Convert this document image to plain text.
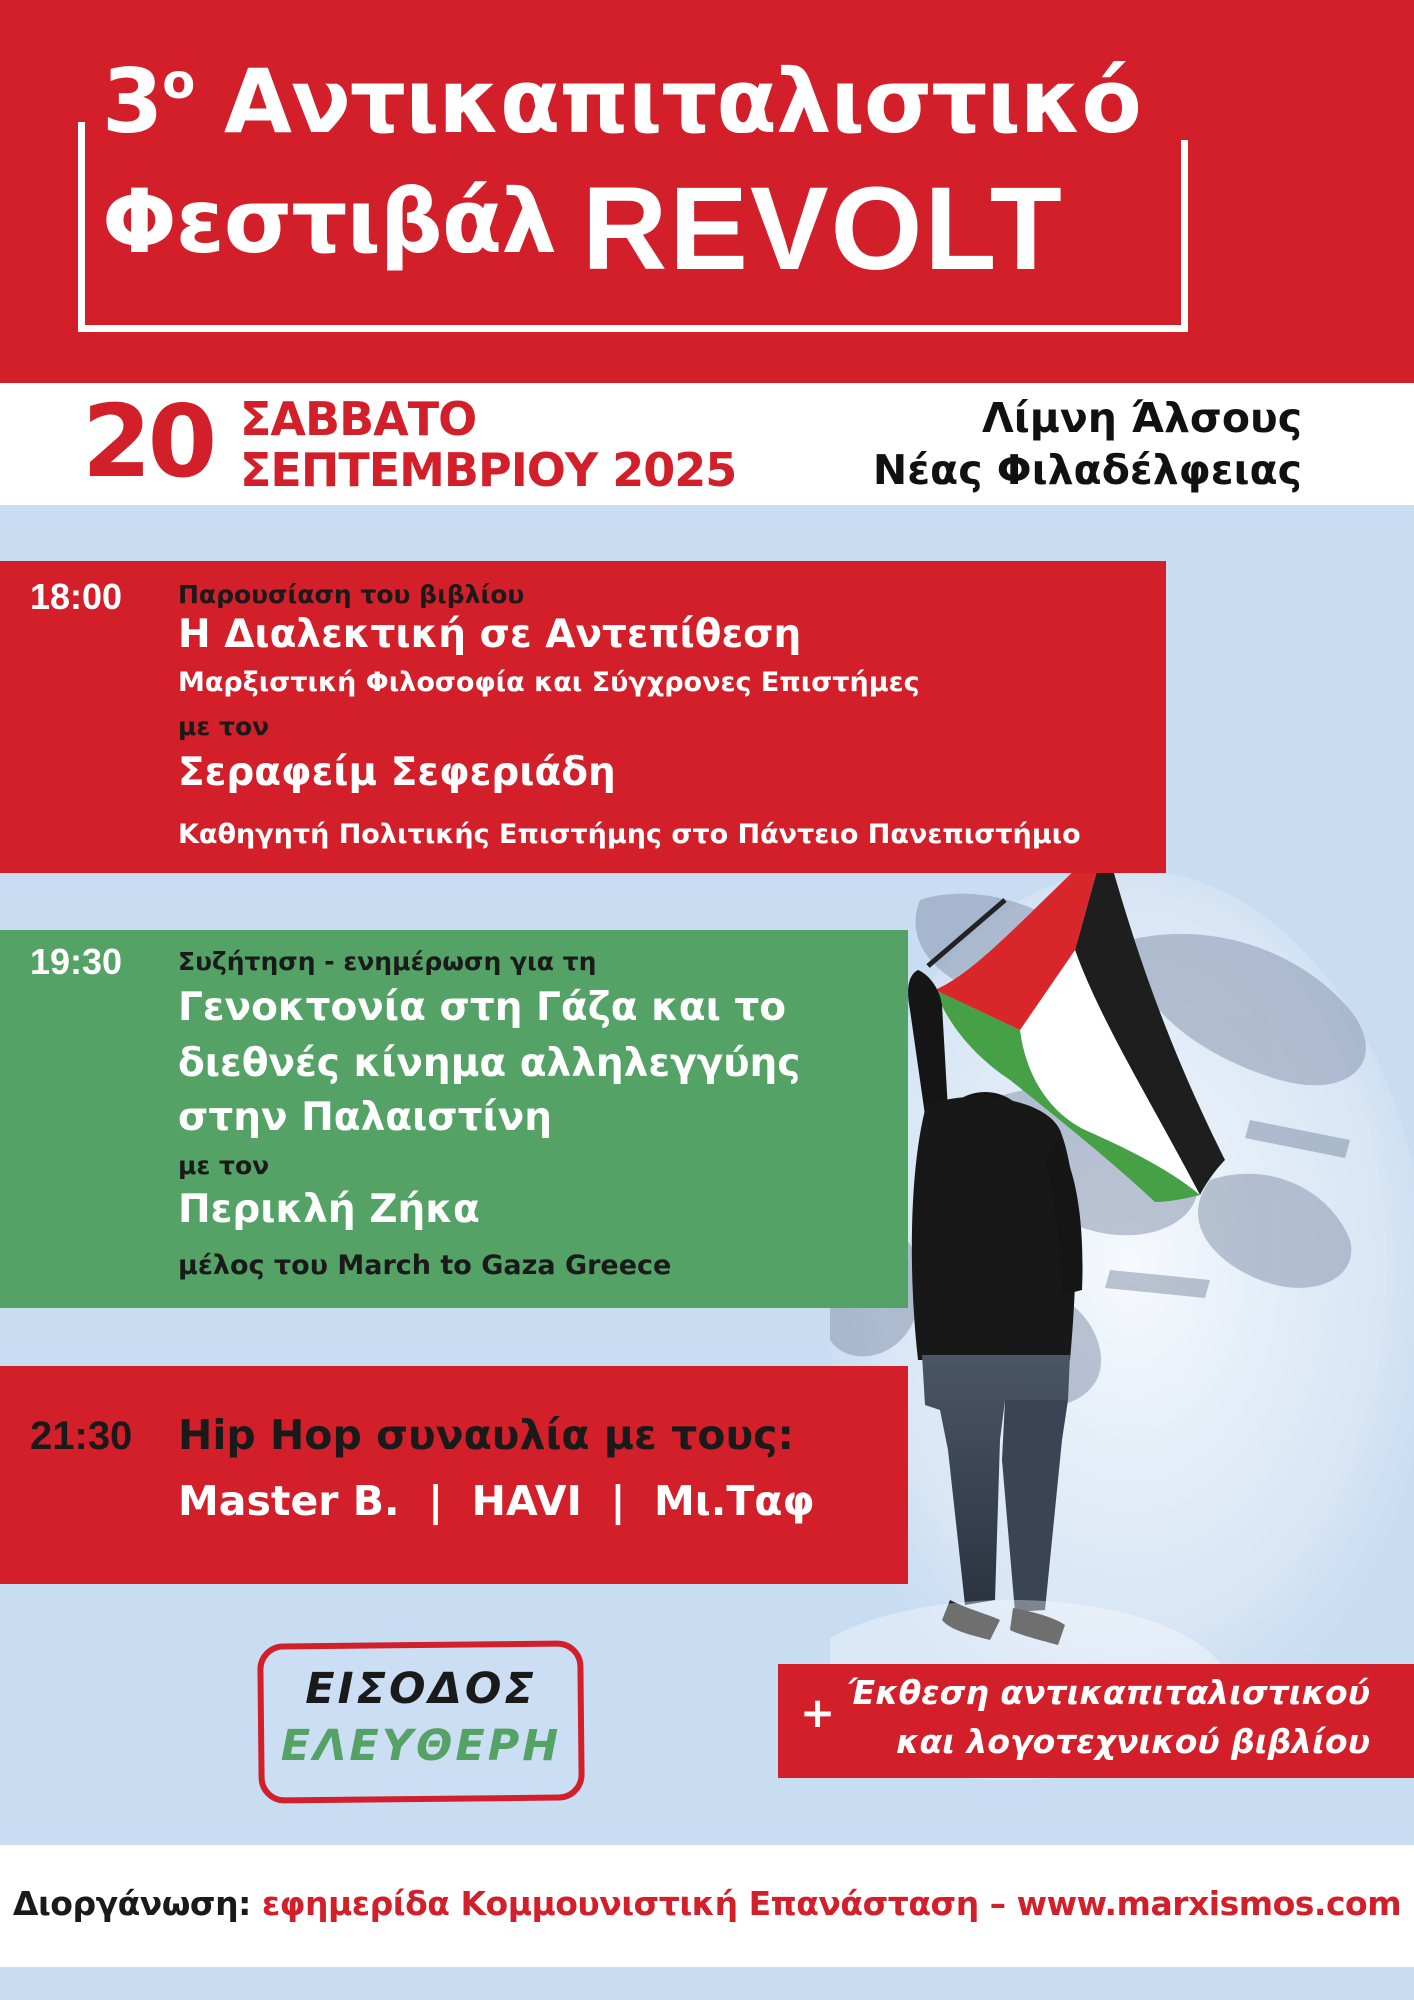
$3^o$ Αντικαπιταλιστικό
Φεστιβάλ REVOLT
20 ΣΑΒΒΑΤΟ
ΣΕΠΤΕΜΒΡΙΟΥ 2025
Λίμνη Άλσους
Νέας Φιλαδέλφειας
18:00 Παρουσίαση του βιβλίου
Η Διαλεκτική σε Αντεπίθεση
Μαρξιστική Φιλοσοφία και Σύγχρονες Επιστήμες
με τον
Σεραφείμ Σεφεριάδη
Καθηγητή Πολιτικής Επιστήμης στο Πάντειο Πανεπιστήμιο
19:30 Συζήτηση - ενημέρωση για τη
Γενοκτονία στη Γάζα και το
διεθνές κίνημα αλληλεγγύης
στην Παλαιστίνη
με τον
Περικλή Ζήκα
μέλος του March to Gaza Greece
21:30 Hip Hop συναυλία με τους:
Master B.  |  HAVI  |  Μι.Ταφ
ΕΙΣΟΔΟΣ
ΕΛΕΥΘΕΡΗ
+ Έκθεση αντικαπιταλιστικού
και λογοτεχνικού βιβλίου
Διοργάνωση: εφημερίδα Κομμουνιστική Επανάσταση – www.marxismos.com
